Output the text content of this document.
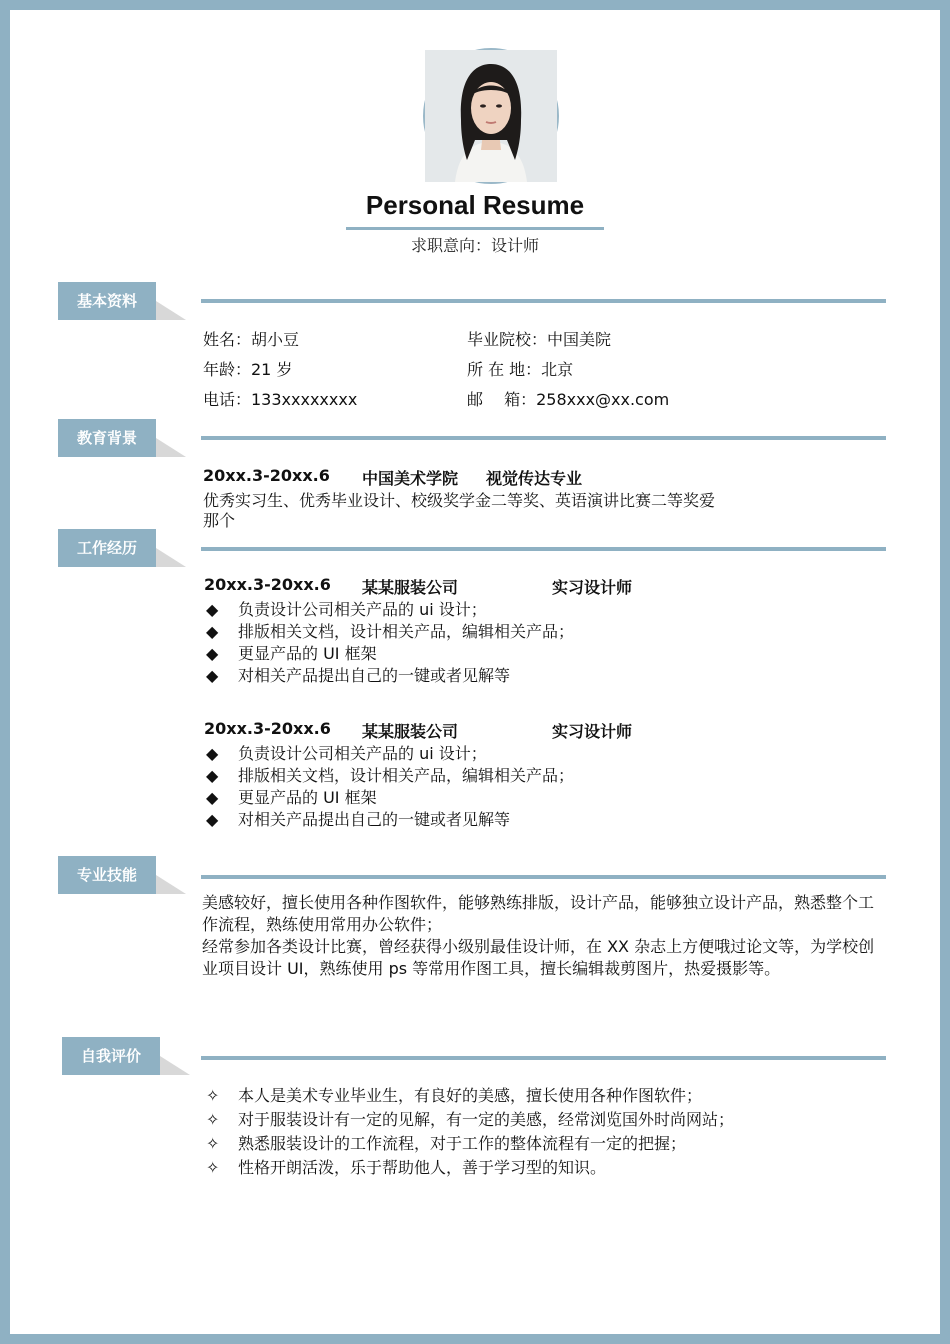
Personal Resume
求职意向：设计师
基本资料
姓名：胡小豆
年龄：21 岁
电话：133xxxxxxxx
毕业院校：中国美院
所 在 地：北京
邮　 箱：258xxx@xx.com
教育背景
20xx.3-20xx.6 中国美术学院 视觉传达专业
优秀实习生、优秀毕业设计、校级奖学金二等奖、英语演讲比赛二等奖爱
那个
工作经历
20xx.3-20xx.6 某某服装公司	实习设计师
◆ 负责设计公司相关产品的 ui 设计；
◆ 排版相关文档，设计相关产品，编辑相关产品；
◆ 更显产品的 UI 框架
◆ 对相关产品提出自己的一键或者见解等
20xx.3-20xx.6 某某服装公司	实习设计师
◆ 负责设计公司相关产品的 ui 设计；
◆ 排版相关文档，设计相关产品，编辑相关产品；
◆ 更显产品的 UI 框架
◆ 对相关产品提出自己的一键或者见解等
专业技能
美感较好，擅长使用各种作图软件，能够熟练排版，设计产品，能够独立设计产品，熟悉整个工作流程，熟练使用常用办公软件；
经常参加各类设计比赛，曾经获得小级别最佳设计师，在 XX 杂志上方便哦过论文等，为学校创业项目设计 UI，熟练使用 ps 等常用作图工具，擅长编辑裁剪图片，热爱摄影等。
自我评价
✧ 本人是美术专业毕业生，有良好的美感，擅长使用各种作图软件；
✧ 对于服装设计有一定的见解，有一定的美感，经常浏览国外时尚网站；
✧ 熟悉服装设计的工作流程，对于工作的整体流程有一定的把握；
✧ 性格开朗活泼，乐于帮助他人，善于学习型的知识。
